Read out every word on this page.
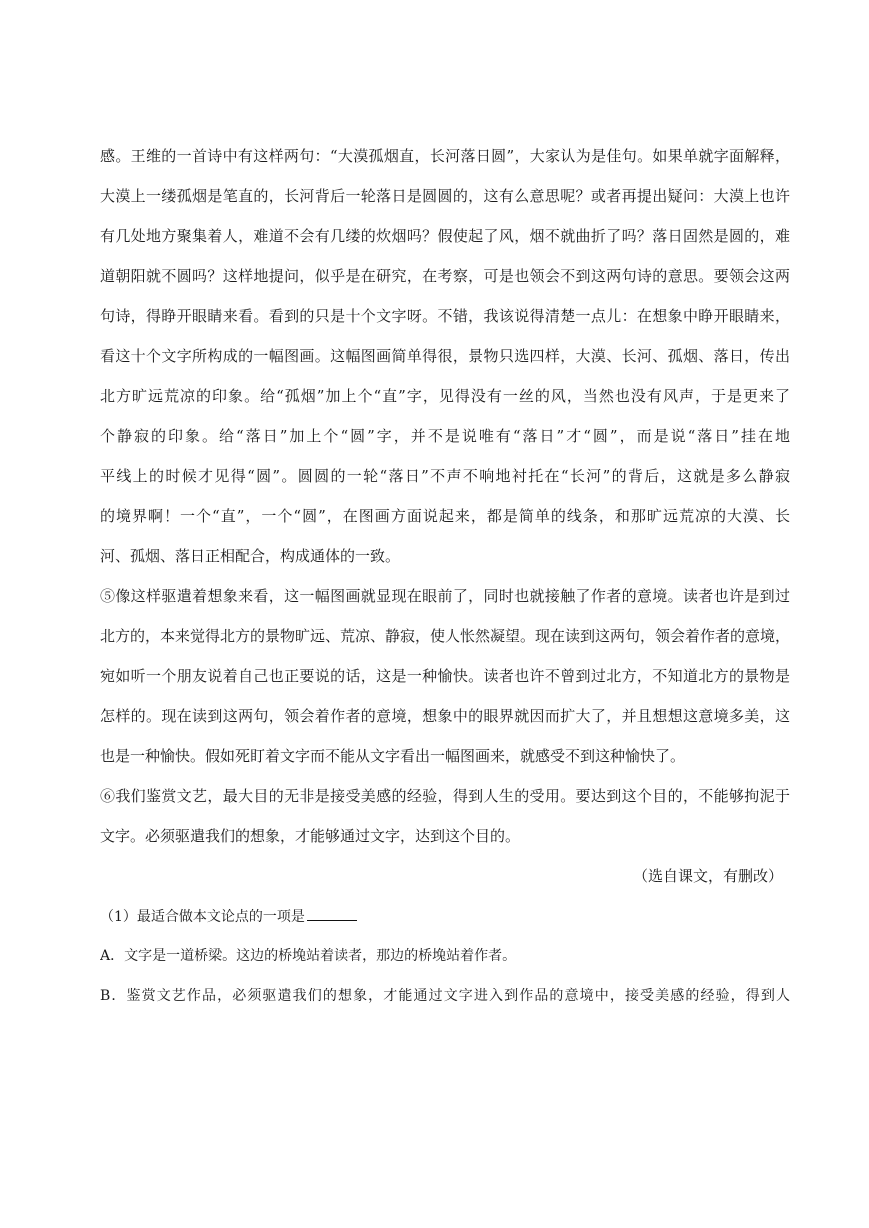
感。王维的一首诗中有这样两句：“大漠孤烟直，长河落日圆”，大家认为是佳句。如果单就字面解释，
大漠上一缕孤烟是笔直的，长河背后一轮落日是圆圆的，这有么意思呢？或者再提出疑问：大漠上也许
有几处地方聚集着人，难道不会有几缕的炊烟吗？假使起了风，烟不就曲折了吗？落日固然是圆的，难
道朝阳就不圆吗？这样地提问，似乎是在研究，在考察，可是也领会不到这两句诗的意思。要领会这两
句诗，得睁开眼睛来看。看到的只是十个文字呀。不错，我该说得清楚一点儿：在想象中睁开眼睛来，
看这十个文字所构成的一幅图画。这幅图画简单得很，景物只选四样，大漠、长河、孤烟、落日，传出
北方旷远荒凉的印象。给“孤烟”加上个“直”字，见得没有一丝的风，当然也没有风声，于是更来了
个静寂的印象。给“落日”加上个“圆”字，并不是说唯有“落日”才“圆”，而是说“落日”挂在地
平线上的时候才见得“圆”。圆圆的一轮“落日”不声不响地衬托在“长河”的背后，这就是多么静寂
的境界啊！一个“直”，一个“圆”，在图画方面说起来，都是简单的线条，和那旷远荒凉的大漠、长
河、孤烟、落日正相配合，构成通体的一致。
⑤像这样驱遣着想象来看，这一幅图画就显现在眼前了，同时也就接触了作者的意境。读者也许是到过
北方的，本来觉得北方的景物旷远、荒凉、静寂，使人怅然凝望。现在读到这两句，领会着作者的意境，
宛如听一个朋友说着自己也正要说的话，这是一种愉快。读者也许不曾到过北方，不知道北方的景物是
怎样的。现在读到这两句，领会着作者的意境，想象中的眼界就因而扩大了，并且想想这意境多美，这
也是一种愉快。假如死盯着文字而不能从文字看出一幅图画来，就感受不到这种愉快了。
⑥我们鉴赏文艺，最大目的无非是接受美感的经验，得到人生的受用。要达到这个目的，不能够拘泥于
文字。必须驱遣我们的想象，才能够通过文字，达到这个目的。
（选自课文，有删改）
（1）最适合做本文论点的一项是
A．文字是一道桥梁。这边的桥堍站着读者，那边的桥堍站着作者。
B．鉴赏文艺作品，必须驱遣我们的想象，才能通过文字进入到作品的意境中，接受美感的经验，得到人
